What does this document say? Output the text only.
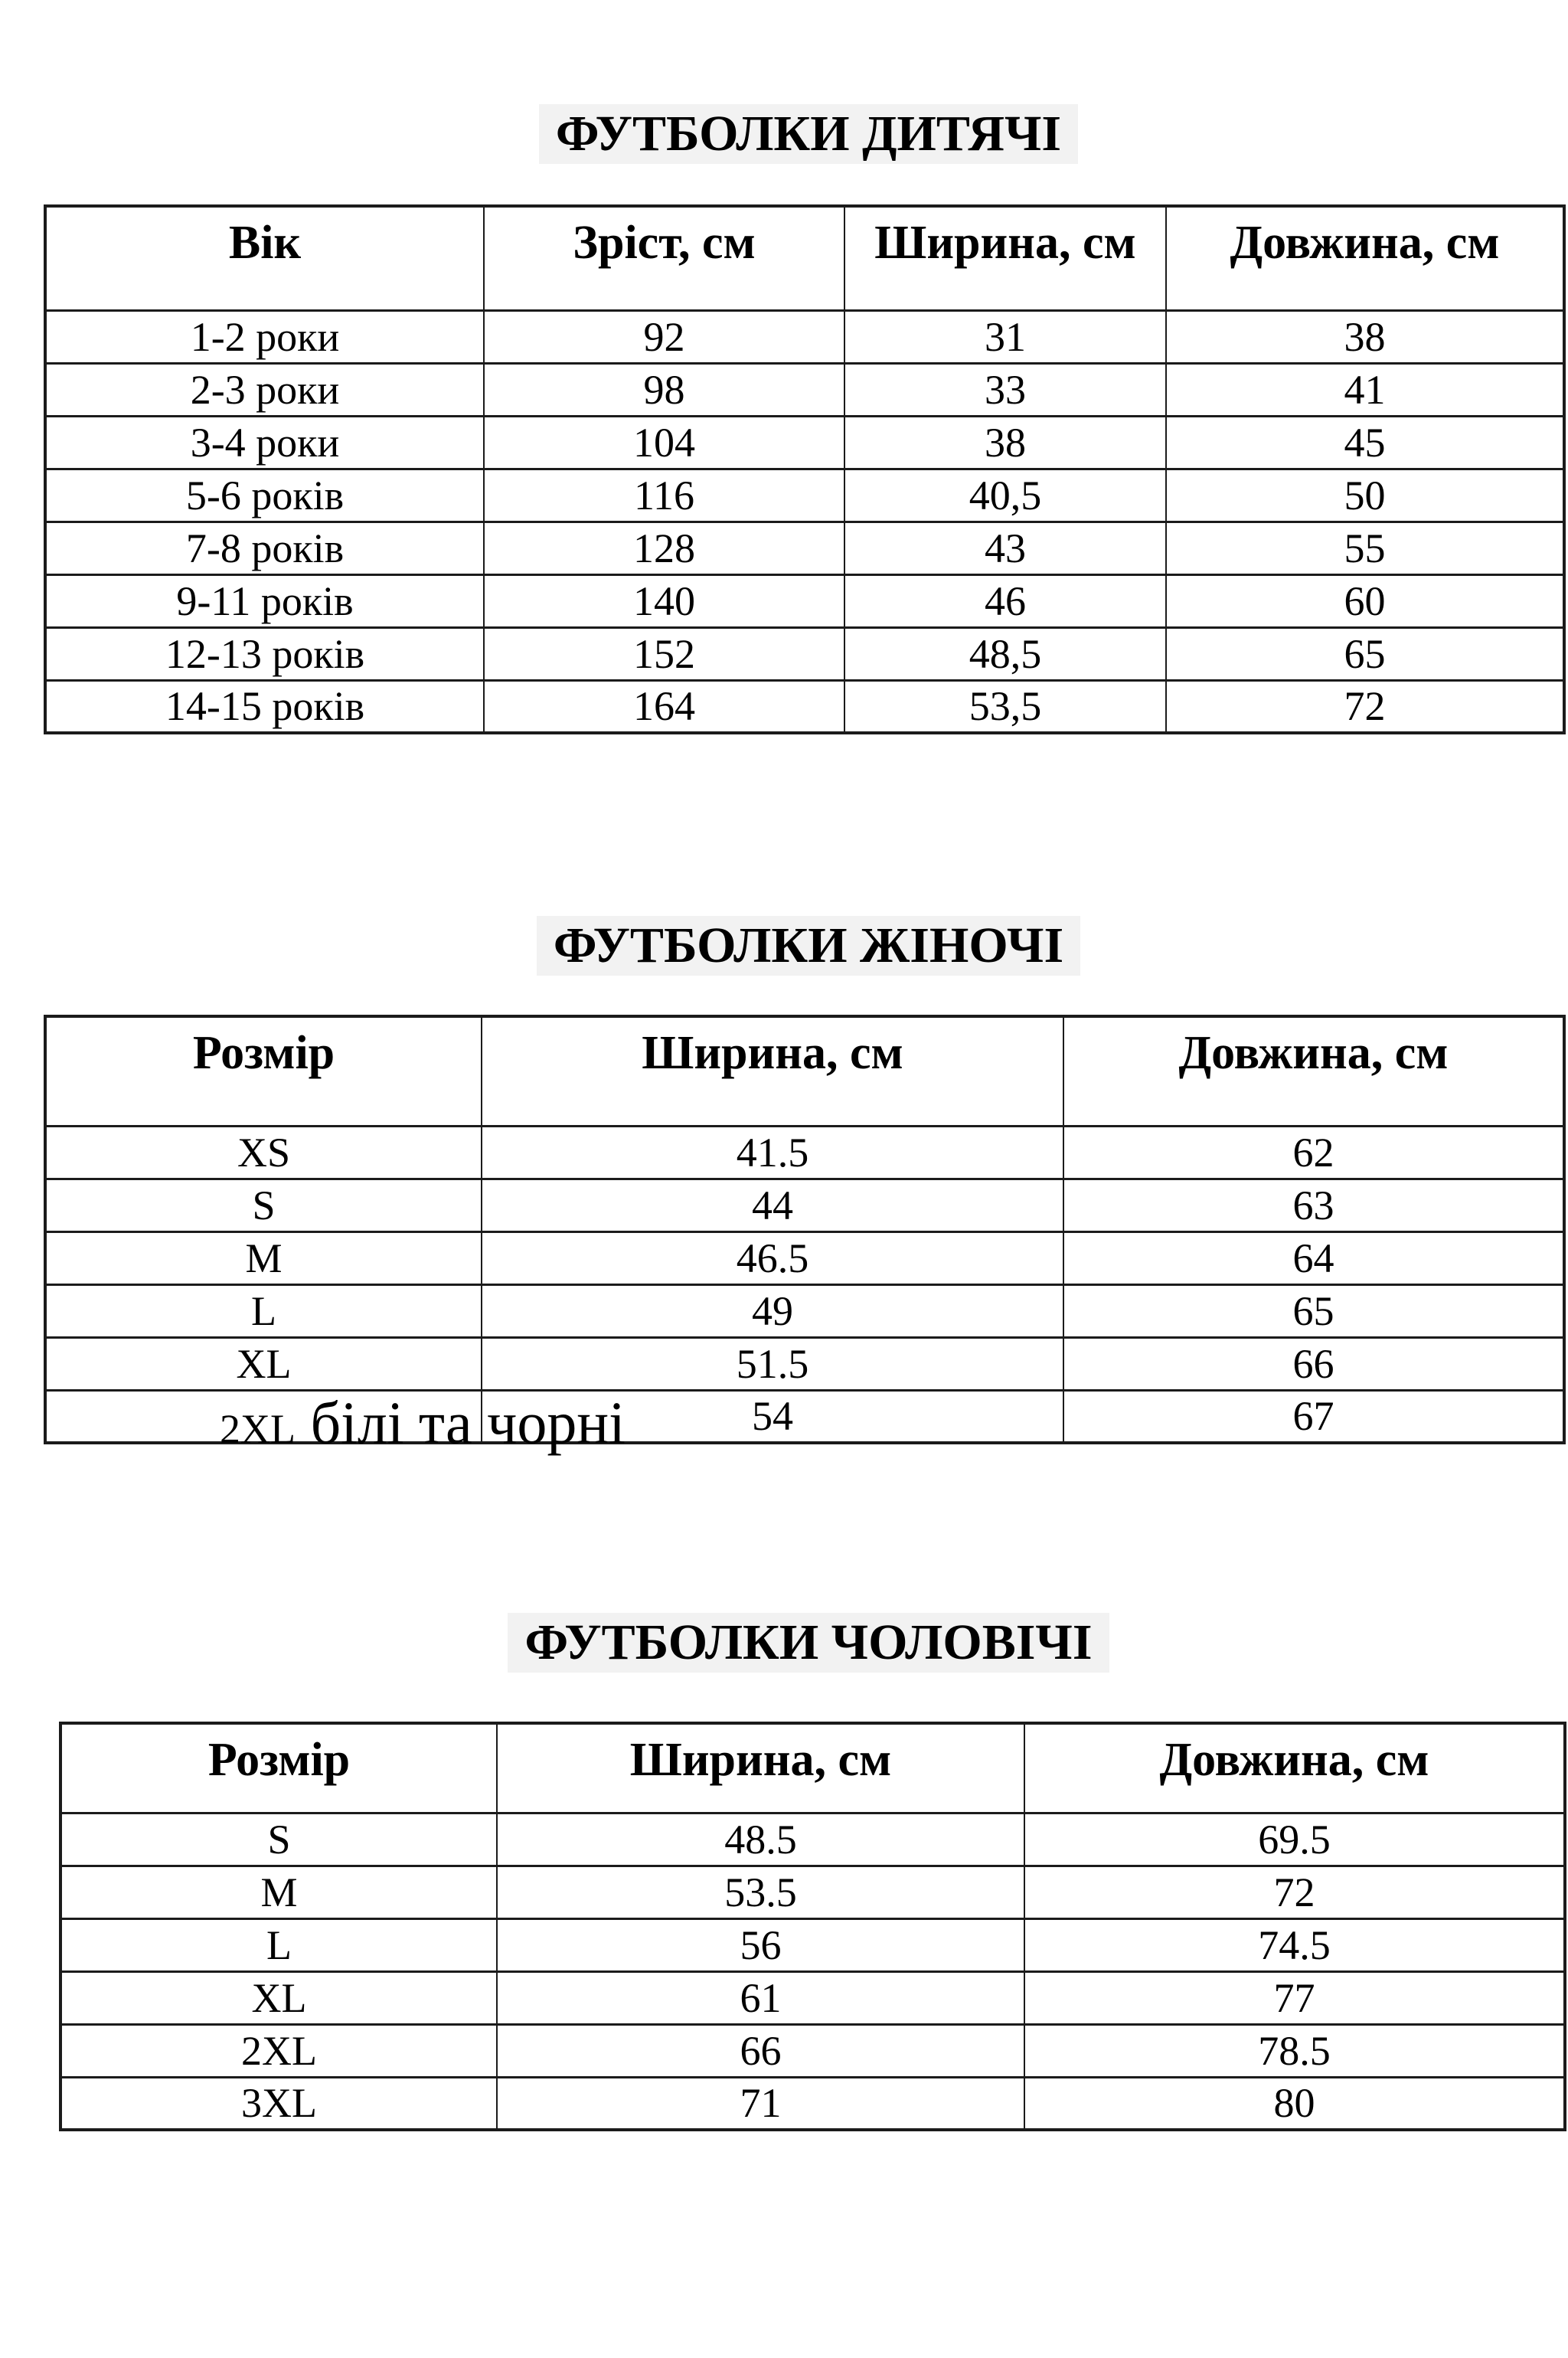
ФУТБОЛКИ ДИТЯЧІ
Вік	Зріст, см	Ширина, см	Довжина, см
1-2 роки	92	31	38
2-3 роки	98	33	41
3-4 роки	104	38	45
5-6 років	116	40,5	50
7-8 років	128	43	55
9-11 років	140	46	60
12-13 років	152	48,5	65
14-15 років	164	53,5	72
ФУТБОЛКИ ЖІНОЧІ
Розмір	Ширина, см	Довжина, см
XS	41.5	62
S	44	63
M	46.5	64
L	49	65
XL	51.5	66

2XL білі та чорні	54	67
ФУТБОЛКИ ЧОЛОВІЧІ
Розмір	Ширина, см	Довжина, см
S	48.5	69.5
M	53.5	72
L	56	74.5
XL	61	77
2XL	66	78.5
3XL	71	80
